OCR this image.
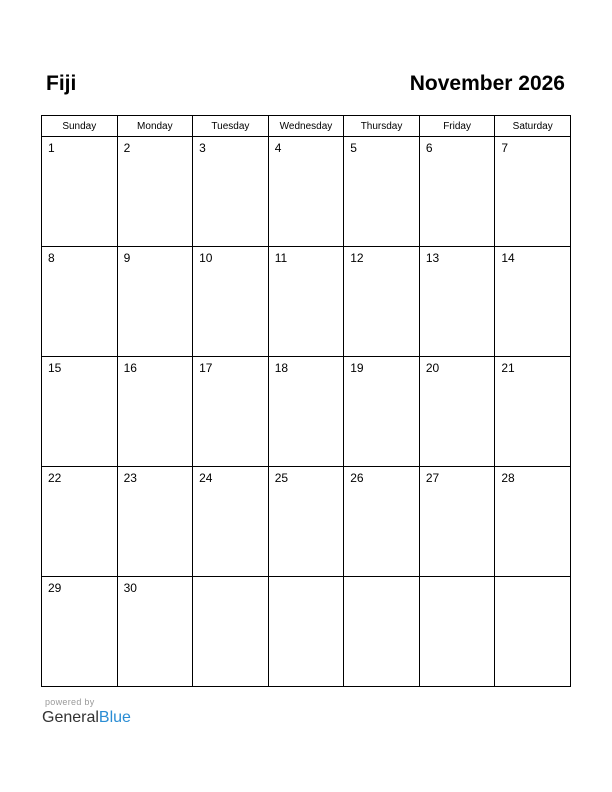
Fiji	November 2026
Sunday	Monday	Tuesday	Wednesday	Thursday	Friday	Saturday

1	2	3	4	5	6	7

8	9	10	11	12	13	14

15	16	17	18	19	20	21

22	23	24	25	26	27	28

29	30					

powered by
GeneralBlue
